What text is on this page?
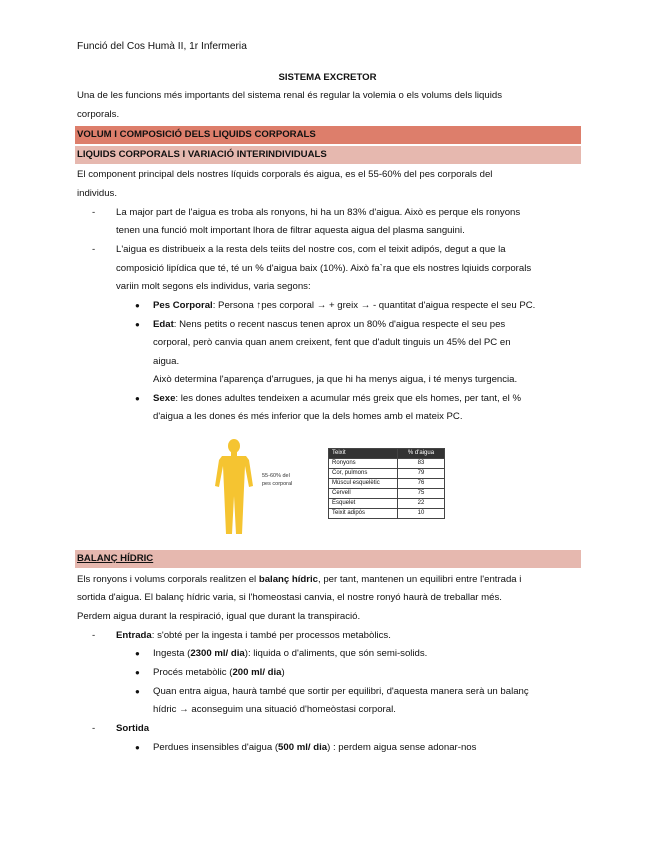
Funció del Cos Humà II, 1r Infermeria
SISTEMA EXCRETOR
Una de les funcions més importants del sistema renal és regular la volemia o els volums dels liquids
corporals.
VOLUM I COMPOSICIÓ DELS LIQUIDS CORPORALS
LIQUIDS CORPORALS I VARIACIÓ INTERINDIVIDUALS
El component principal dels nostres líquids corporals és aigua, es el 55-60% del pes corporals del
individus.
- La major part de l'aigua es troba als ronyons, hi ha un 83% d'aigua. Això es perque els ronyons
tenen una funció molt important lhora de filtrar aquesta aigua del plasma sanguini.
- L'aigua es distribueix a la resta dels teiits del nostre cos, com el teixit adipós, degut a que la
composició lipídica que té, té un % d'aigua baix (10%). Això fa`ra que els nostres lqiuids corporals
variin molt segons els individus, varia segons:
● Pes Corporal: Persona ↑pes corporal → + greix → - quantitat d'aigua respecte el seu PC.
● Edat: Nens petits o recent nascus tenen aprox un 80% d'aigua respecte el seu pes
corporal, però canvia quan anem creixent, fent que d'adult tinguis un 45% del PC en
aigua.
Això determina l'aparença d'arrugues, ja que hi ha menys aigua, i té menys turgencia.
● Sexe: les dones adultes tendeixen a acumular més greix que els homes, per tant, el %
d'aigua a les dones és més inferior que la dels homes amb el mateix PC.
55-60% del
pes corporal
Teixit	% d'aigua
Ronyons	83
Cor, pulmons	79
Múscul esquelètic	76
Cervell	75
Esquelet	22
Teixit adipós	10
BALANÇ HÍDRIC
Els ronyons i volums corporals realitzen el balanç hídric, per tant, mantenen un equilibri entre l'entrada i
sortida d'aigua. El balanç hídric varia, si l'homeostasi canvia, el nostre ronyó haurà de treballar més.
Perdem aigua durant la respiració, igual que durant la transpiració.
- Entrada: s'obté per la ingesta i també per processos metabòlics.
● Ingesta (2300 ml/ dia): liquida o d'aliments, que són semi-solids.
● Procés metabòlic (200 ml/ dia)
● Quan entra aigua, haurà també que sortir per equilibri, d'aquesta manera serà un balanç
hídric → aconseguim una situació d'homeòstasi corporal.
- Sortida
● Perdues insensibles d'aigua (500 ml/ dia) : perdem aigua sense adonar-nos
